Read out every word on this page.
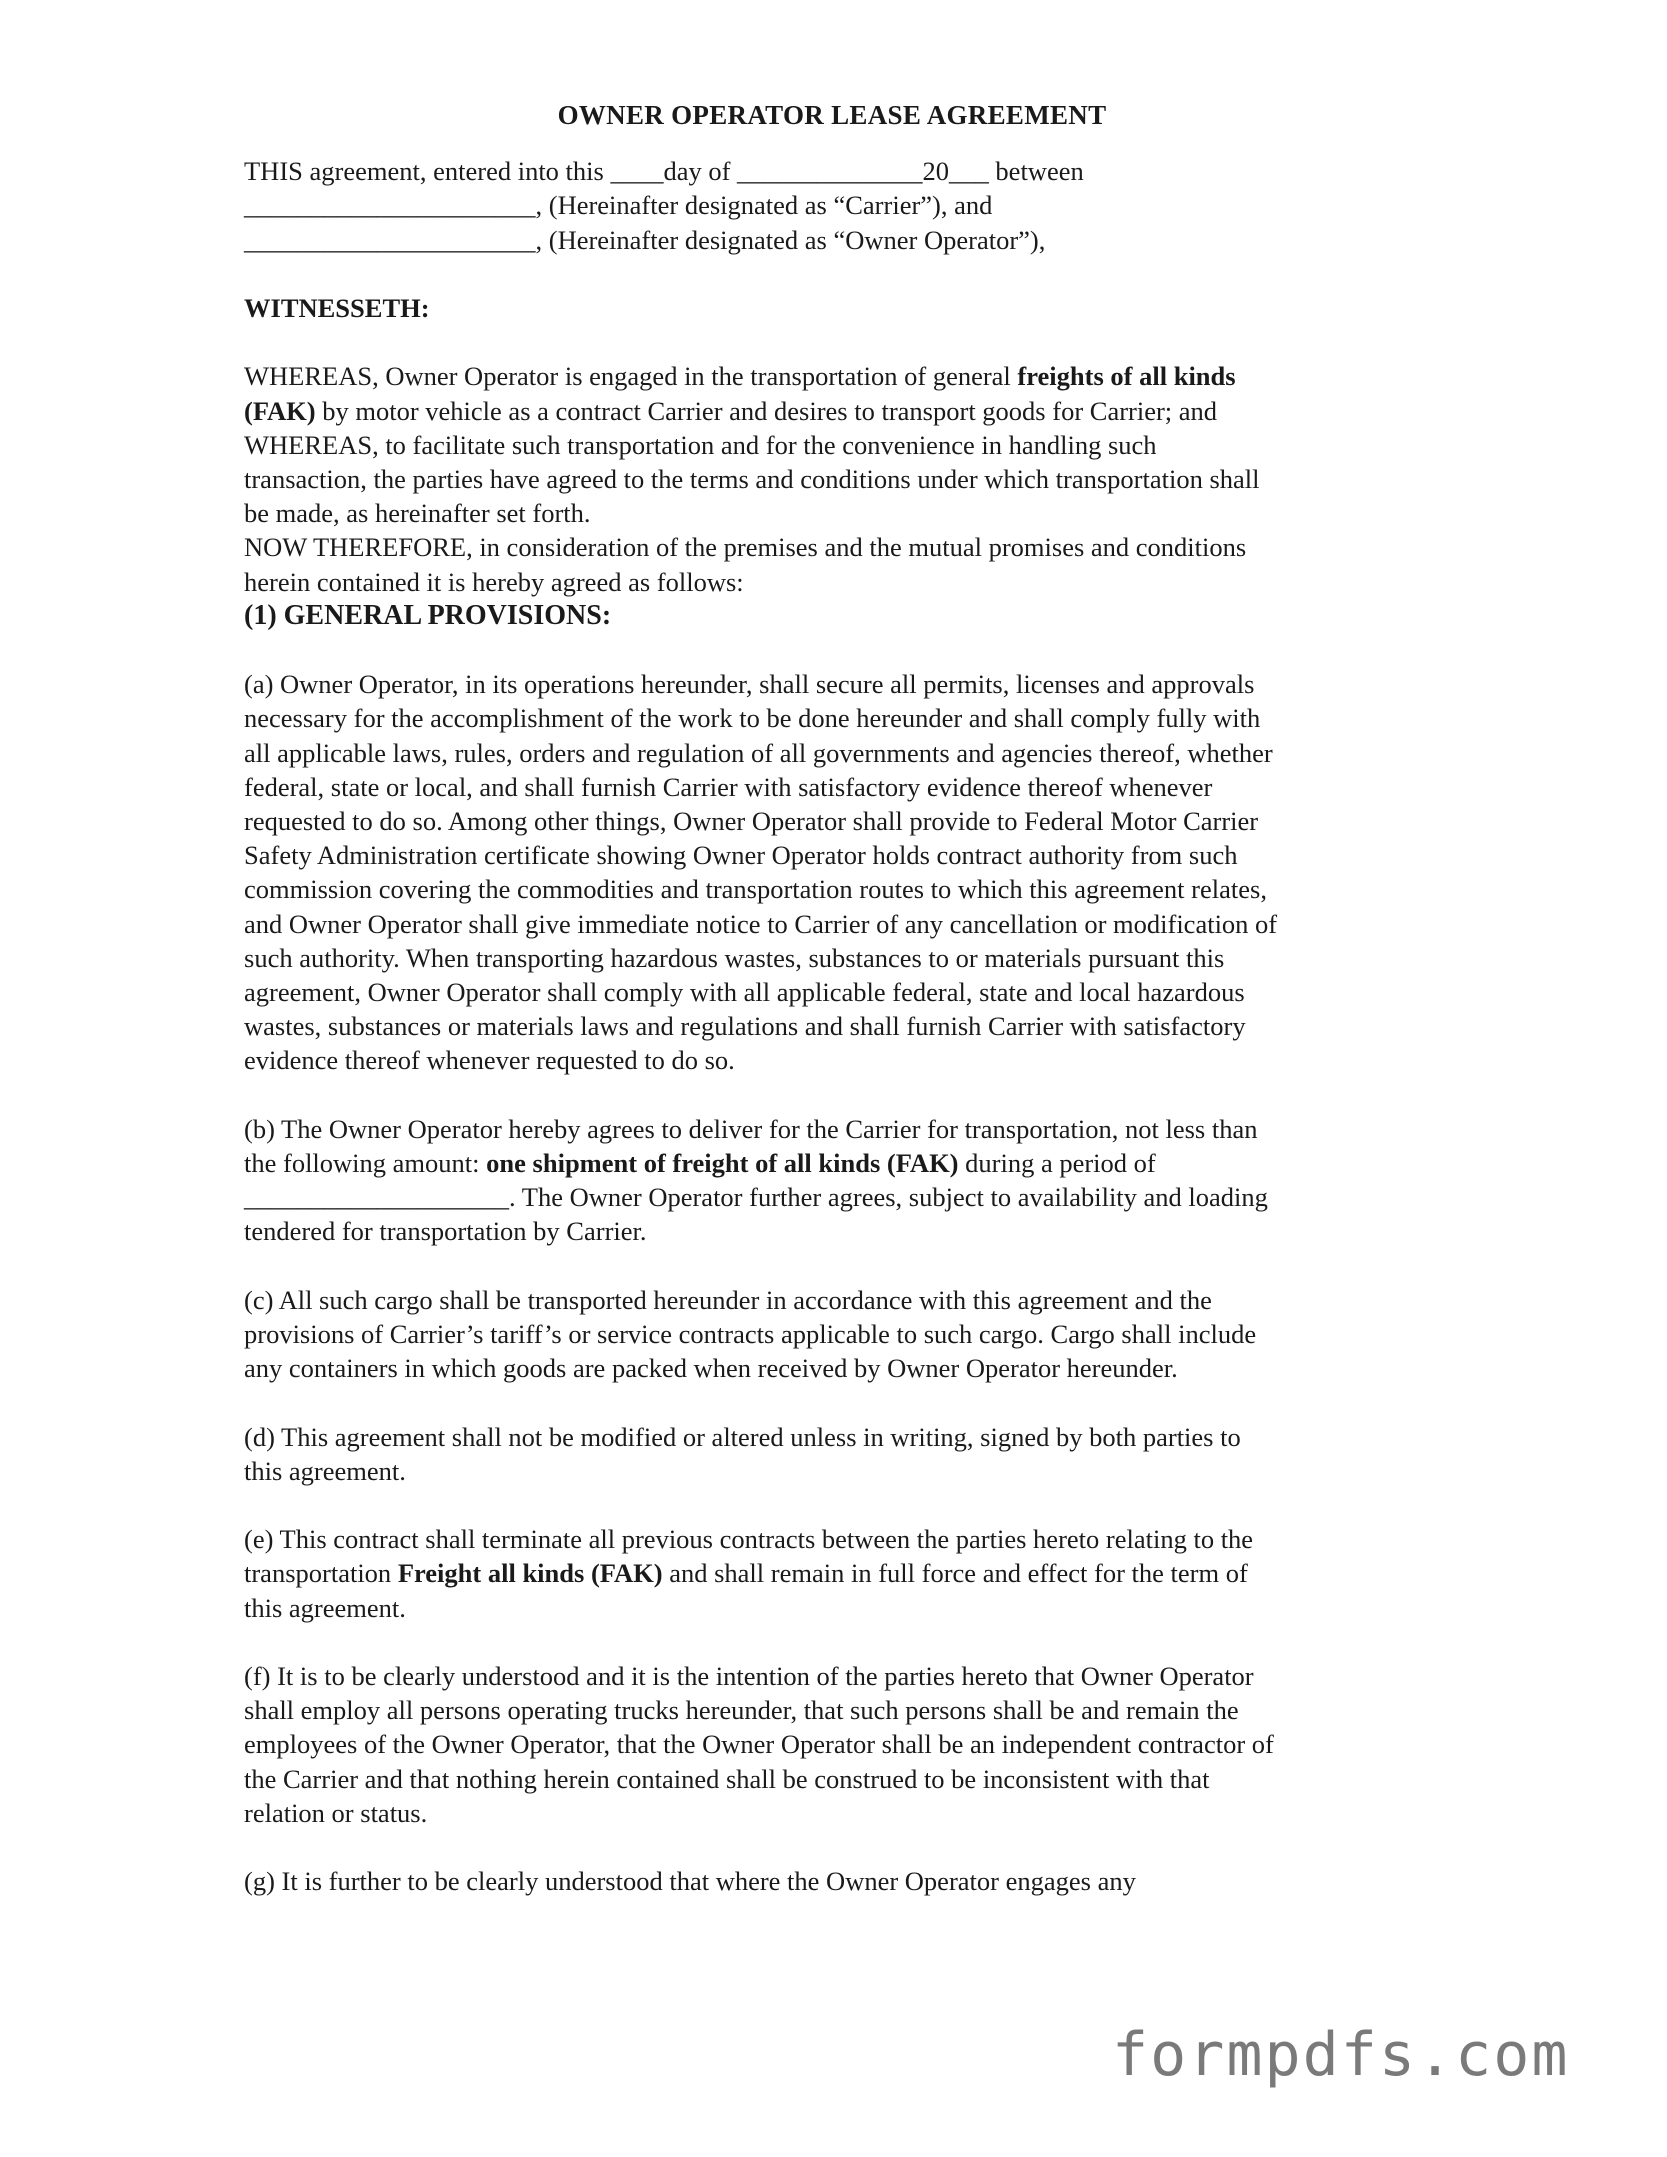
OWNER OPERATOR LEASE AGREEMENT
THIS agreement, entered into this ____day of ______________20___ between
______________________, (Hereinafter designated as “Carrier”), and
______________________, (Hereinafter designated as “Owner Operator”),
WITNESSETH:
WHEREAS, Owner Operator is engaged in the transportation of general freights of all kinds
(FAK) by motor vehicle as a contract Carrier and desires to transport goods for Carrier; and
WHEREAS, to facilitate such transportation and for the convenience in handling such
transaction, the parties have agreed to the terms and conditions under which transportation shall
be made, as hereinafter set forth.
NOW THEREFORE, in consideration of the premises and the mutual promises and conditions
herein contained it is hereby agreed as follows:
(1) GENERAL PROVISIONS:
(a) Owner Operator, in its operations hereunder, shall secure all permits, licenses and approvals
necessary for the accomplishment of the work to be done hereunder and shall comply fully with
all applicable laws, rules, orders and regulation of all governments and agencies thereof, whether
federal, state or local, and shall furnish Carrier with satisfactory evidence thereof whenever
requested to do so. Among other things, Owner Operator shall provide to Federal Motor Carrier
Safety Administration certificate showing Owner Operator holds contract authority from such
commission covering the commodities and transportation routes to which this agreement relates,
and Owner Operator shall give immediate notice to Carrier of any cancellation or modification of
such authority. When transporting hazardous wastes, substances to or materials pursuant this
agreement, Owner Operator shall comply with all applicable federal, state and local hazardous
wastes, substances or materials laws and regulations and shall furnish Carrier with satisfactory
evidence thereof whenever requested to do so.
(b) The Owner Operator hereby agrees to deliver for the Carrier for transportation, not less than
the following amount: one shipment of freight of all kinds (FAK) during a period of
____________________. The Owner Operator further agrees, subject to availability and loading
tendered for transportation by Carrier.
(c) All such cargo shall be transported hereunder in accordance with this agreement and the
provisions of Carrier’s tariff’s or service contracts applicable to such cargo. Cargo shall include
any containers in which goods are packed when received by Owner Operator hereunder.
(d) This agreement shall not be modified or altered unless in writing, signed by both parties to
this agreement.
(e) This contract shall terminate all previous contracts between the parties hereto relating to the
transportation Freight all kinds (FAK) and shall remain in full force and effect for the term of
this agreement.
(f) It is to be clearly understood and it is the intention of the parties hereto that Owner Operator
shall employ all persons operating trucks hereunder, that such persons shall be and remain the
employees of the Owner Operator, that the Owner Operator shall be an independent contractor of
the Carrier and that nothing herein contained shall be construed to be inconsistent with that
relation or status.
(g) It is further to be clearly understood that where the Owner Operator engages any
formpdfs.com
